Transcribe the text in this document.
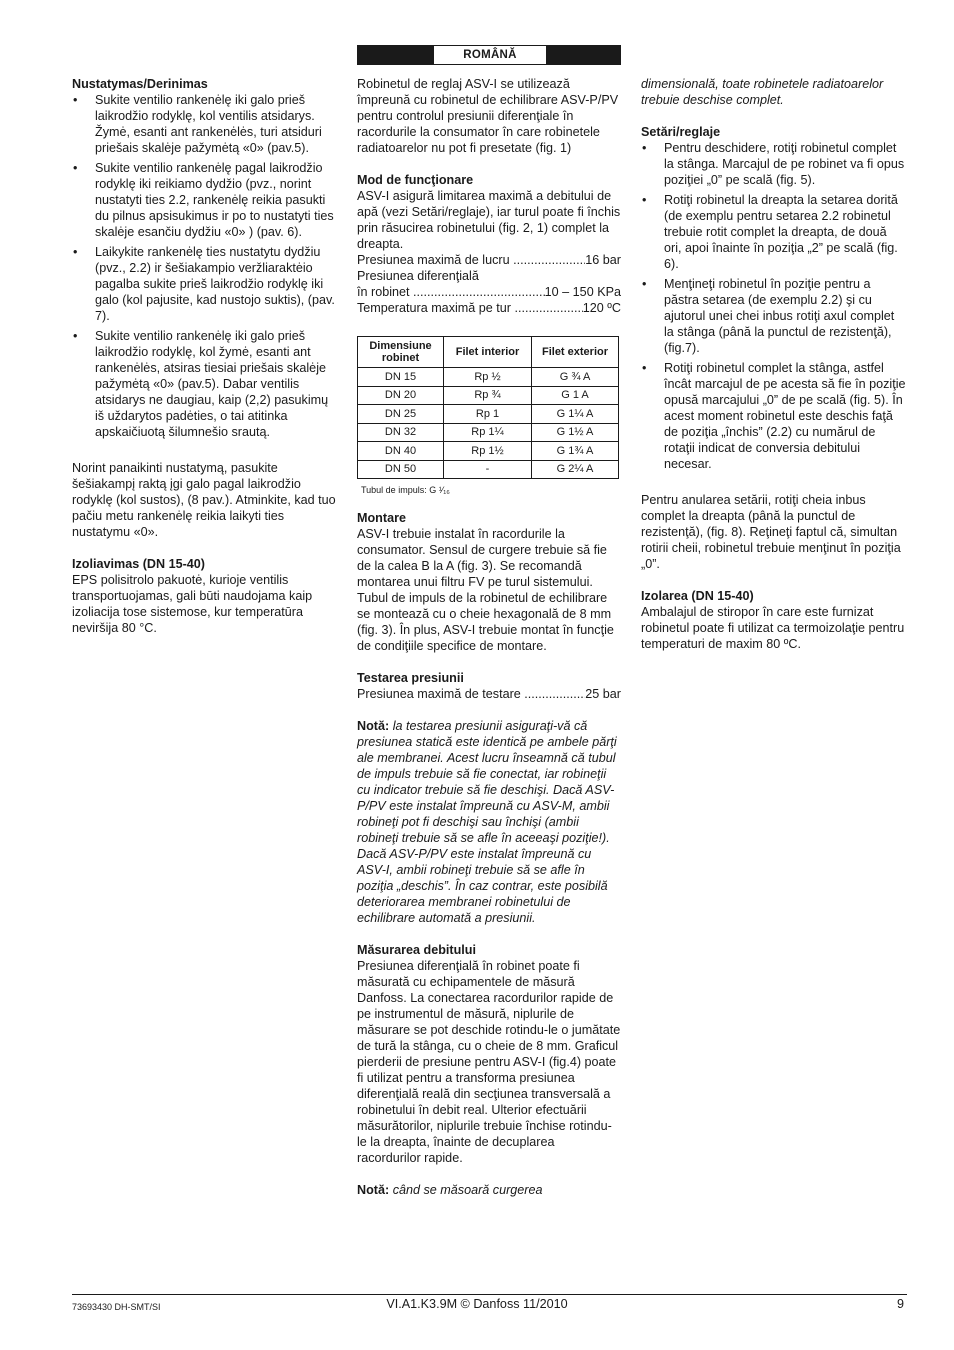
ROMÂNĂ
Nustatymas/Derinimas
• Sukite ventilio rankenėlę iki galo prieš laikrodžio rodyklę, kol ventilis atsidarys. Žymė, esanti ant rankenėlės, turi atsiduri priešais skalėje pažymėtą «0» (pav.5).
• Sukite ventilio rankenėlę pagal laikrodžio rodyklę iki reikiamo dydžio (pvz., norint nustatyti ties 2.2, rankenėlę reikia pasukti du pilnus apsisukimus ir po to nustatyti ties skalėje esančiu dydžiu «0» ) (pav. 6).
• Laikykite rankenėlę ties nustatytu dydžiu (pvz., 2.2) ir šešiakampio veržliaraktėio pagalba sukite prieš laikrodžio rodyklę iki galo (kol pajusite, kad nustojo suktis), (pav. 7).
• Sukite ventilio rankenėlę iki galo prieš laikrodžio rodyklę, kol žymė, esanti ant rankenėlės, atsiras tiesiai priešais skalėje pažymėtą «0» (pav.5). Dabar ventilis atsidarys ne daugiau, kaip (2,2) pasukimų iš uždarytos padėties, o tai atitinka apskaičiuotą šilumnešio srautą.

Norint panaikinti nustatymą, pasukite šešiakampį raktą įgi galo pagal laikrodžio rodyklę (kol sustos), (8 pav.). Atminkite, kad tuo pačiu metu rankenėlę reikia laikyti ties nustatymu «0».

Izoliavimas (DN 15-40)

EPS polisitrolo pakuotė, kurioje ventilis transportuojamas, gali būti naudojama kaip izoliacija tose sistemose, kur temperatūra neviršija 80 °C.

Robinetul de reglaj ASV-I se utilizează împreună cu robinetul de echilibrare ASV-P/PV pentru controlul presiunii diferenţiale în racordurile la consumator în care robinetele radiatoarelor nu pot fi presetate (fig. 1)

Mod de funcţionare

ASV-I asigură limitarea maximă a debitului de apă (vezi Setări/reglaje), iar turul poate fi închis prin răsucirea robinetului (fig. 2, 1) complet la dreapta.

Presiunea maximă de lucru .....	16 bar

Presiunea diferenţială

în robinet .....	10 – 150 KPa
Temperatura maximă pe tur .....	120 ºC
Dimensiune robinet	Filet interior	Filet exterior
DN 15	Rp ½	G ¾ A
DN 20	Rp ¾	G 1 A
DN 25	Rp 1	G 1¼ A
DN 32	Rp 1¼	G 1½ A
DN 40	Rp 1½	G 1¾ A
DN 50	-	G 2¼ A

Tubul de impuls: G ¹⁄₁₆

Montare

ASV-I trebuie instalat în racordurile la consumator. Sensul de curgere trebuie să fie de la calea B la A (fig. 3). Se recomandă montarea unui filtru FV pe turul sistemului. Tubul de impuls de la robinetul de echilibrare se montează cu o cheie hexagonală de 8 mm (fig. 3). În plus, ASV-I trebuie montat în funcţie de condiţiile specifice de montare.

Testarea presiunii
Presiunea maximă de testare .....	25 bar

Notă: la testarea presiunii asiguraţi-vă că presiunea statică este identică pe ambele părţi ale membranei. Acest lucru înseamnă că tubul de impuls trebuie să fie conectat, iar robineţii cu indicator trebuie să fie deschişi. Dacă ASV-P/PV este instalat împreună cu ASV-M, ambii robineţi pot fi deschişi sau închişi (ambii robineţi trebuie să se afle în aceeaşi poziţie!). Dacă ASV-P/PV este instalat împreună cu ASV-I, ambii robineţi trebuie să se afle în poziţia „deschis”. În caz contrar, este posibilă deteriorarea membranei robinetului de echilibrare automată a presiunii.

Măsurarea debitului

Presiunea diferenţială în robinet poate fi măsurată cu echipamentele de măsură Danfoss. La conectarea racordurilor rapide de pe instrumentul de măsură, niplurile de măsurare se pot deschide rotindu-le o jumătate de tură la stânga, cu o cheie de 8 mm. Graficul pierderii de presiune pentru ASV-I (fig.4) poate fi utilizat pentru a transforma presiunea diferenţială reală din secţiunea transversală a robinetului în debit real. Ulterior efectuării măsurătorilor, niplurile trebuie închise rotindu-le la dreapta, înainte de decuplarea racordurilor rapide.

Notă: când se măsoară curgerea

dimensională, toate robinetele radiatoarelor trebuie deschise complet.

Setări/reglaje
• Pentru deschidere, rotiţi robinetul complet la stânga. Marcajul de pe robinet va fi opus poziţiei „0” pe scală (fig. 5).
• Rotiţi robinetul la dreapta la setarea dorită (de exemplu pentru setarea 2.2 robinetul trebuie rotit complet la dreapta, de două ori, apoi înainte în poziţia „2” pe scală (fig. 6).
• Menţineţi robinetul în poziţie pentru a păstra setarea (de exemplu 2.2) şi cu ajutorul unei chei inbus rotiţi axul complet la stânga (până la punctul de rezistenţă), (fig.7).
• Rotiţi robinetul complet la stânga, astfel încât marcajul de pe acesta să fie în poziţie opusă marcajului „0” de pe scală (fig. 5). În acest moment robinetul este deschis faţă de poziţia „închis” (2.2) cu numărul de rotaţii indicat de conversia debitului necesar.

Pentru anularea setării, rotiţi cheia inbus complet la dreapta (până la punctul de rezistenţă), (fig. 8). Reţineţi faptul că, simultan rotirii cheii, robinetul trebuie menţinut în poziţia „0”.

Izolarea (DN 15-40)

Ambalajul de stiropor în care este furnizat robinetul poate fi utilizat ca termoizolaţie pentru temperaturi de maxim 80 ºC.

73693430 DH-SMT/SI	VI.A1.K3.9M © Danfoss 11/2010	9
